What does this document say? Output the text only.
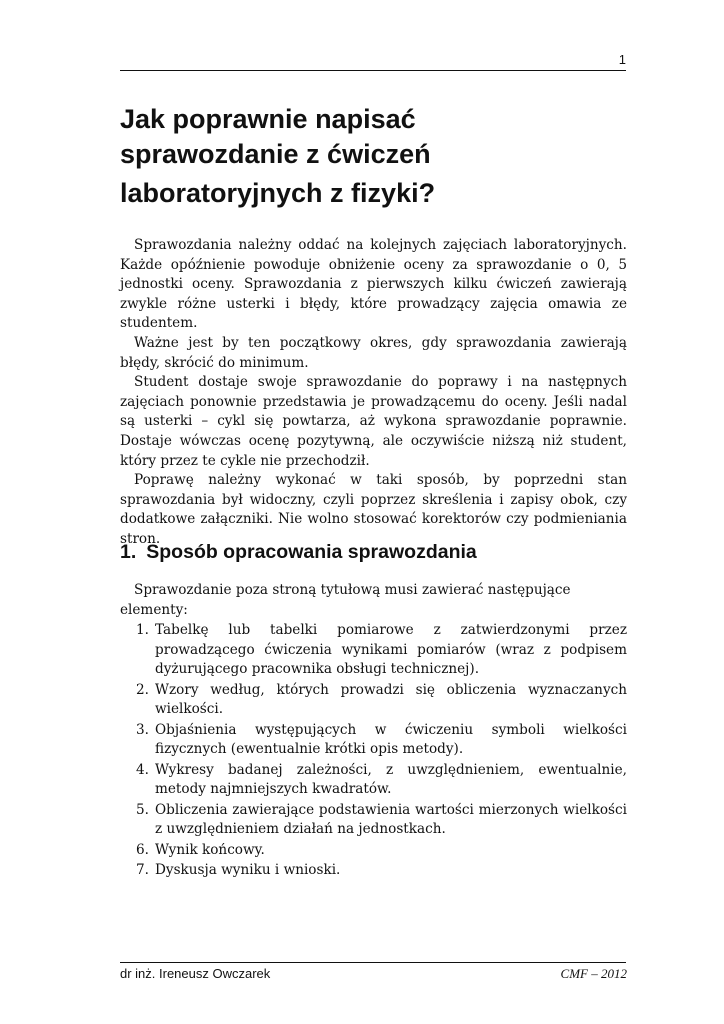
1
Jak poprawnie napisać
sprawozdanie z ćwiczeń
laboratoryjnych z fizyki?

Sprawozdania należny oddać na kolejnych zajęciach laboratoryjnych. Każde opóźnienie powoduje obniżenie oceny za sprawozdanie o 0, 5 jednostki oceny. Sprawozdania z pierwszych kilku ćwiczeń zawierają zwykle różne usterki i błędy, które prowadzący zajęcia omawia ze studentem.

Ważne jest by ten początkowy okres, gdy sprawozdania zawierają błędy, skrócić do minimum.

Student dostaje swoje sprawozdanie do poprawy i na następnych zajęciach ponownie przedstawia je prowadzącemu do oceny. Jeśli nadal są usterki – cykl się powtarza, aż wykona sprawozdanie poprawnie. Dostaje wówczas ocenę pozytywną, ale oczywiście niższą niż student, który przez te cykle nie przechodził.

Poprawę należny wykonać w taki sposób, by poprzedni stan sprawozdania był widoczny, czyli poprzez skreślenia i zapisy obok, czy dodatkowe załączniki. Nie wolno stosować korektorów czy podmieniania stron.

1. Sposób opracowania sprawozdania

Sprawozdanie poza stroną tytułową musi zawierać następujące elementy:

1. Tabelkę lub tabelki pomiarowe z zatwierdzonymi przez prowadzącego ćwiczenia wynikami pomiarów (wraz z podpisem dyżurującego pracownika obsługi technicznej).
2. Wzory według, których prowadzi się obliczenia wyznaczanych wielkości.
3. Objaśnienia występujących w ćwiczeniu symboli wielkości fizycznych (ewentualnie krótki opis metody).
4. Wykresy badanej zależności, z uwzględnieniem, ewentualnie, metody najmniejszych kwadratów.
5. Obliczenia zawierające podstawienia wartości mierzonych wielkości z uwzględnieniem działań na jednostkach.
6. Wynik końcowy.
7. Dyskusja wyniku i wnioski.
dr inż. Ireneusz Owczarek	CMF – 2012
